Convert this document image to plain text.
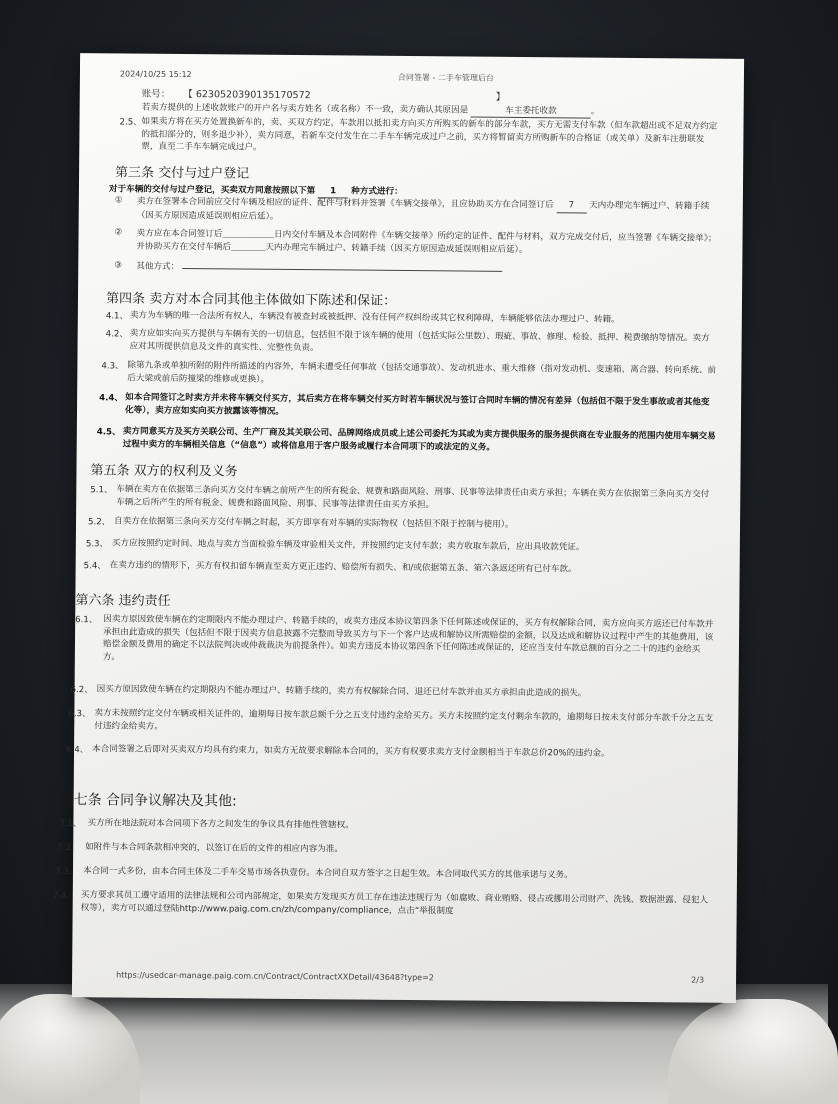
2024/10/25 15:12	合同签署 - 二手车管理后台
账号： 【 6230520390135170572	】
若卖方提供的上述收款账户的开户名与卖方姓名（或名称）不一致，卖方确认其原因是	车主委托收款	。
2.5、 如果卖方将在买方处置换新车的，卖、买双方约定，车款用以抵扣卖方向买方所购买的新车的部分车款，买方无需支付车款（但车款超出或不足双方约定的抵扣部分的，则多退少补），卖方同意，若新车交付发生在二手车车辆完成过户之前，买方将暂留卖方所购新车的合格证（或关单）及新车注册联发票，直至二手车车辆完成过户。
第三条 交付与过户登记
对于车辆的交付与过户登记，买卖双方同意按照以下第 1 种方式进行：
① 卖方在签署本合同前应交付车辆及相应的证件、配件与材料并签署《车辆交接单》，且应协助买方在合同签订后 7 天内办理完车辆过户、转籍手续（因买方原因造成延误则相应后延）。
② 卖方应在本合同签订后＿＿＿＿＿＿日内交付车辆及本合同附件《车辆交接单》所约定的证件、配件与材料，双方完成交付后，应当签署《车辆交接单》；并协助买方在交付车辆后＿＿＿＿天内办理完车辆过户、转籍手续（因买方原因造成延误则相应后延）。
③ 其他方式：
第四条 卖方对本合同其他主体做如下陈述和保证：
4.1、 卖方为车辆的唯一合法所有权人，车辆没有被查封或被抵押、没有任何产权纠纷或其它权利障碍，车辆能够依法办理过户、转籍。
4.2、 卖方应如实向买方提供与车辆有关的一切信息，包括但不限于该车辆的使用（包括实际公里数）、瑕疵、事故、修理、检验、抵押、税费缴纳等情况。卖方应对其所提供信息及文件的真实性、完整性负责。
4.3、 除第九条或单独所附的附件所描述的内容外，车辆未遭受任何事故（包括交通事故）、发动机进水、重大维修（指对发动机、变速箱、离合器、转向系统、前后大梁或前后防撞梁的维修或更换）。
4.4、 如本合同签订之时卖方并未将车辆交付买方，其后卖方在将车辆交付买方时若车辆状况与签订合同时车辆的情况有差异（包括但不限于发生事故或者其他变化等），卖方应如实向买方披露该等情况。
4.5、 卖方同意买方及买方关联公司、生产厂商及其关联公司、品牌网络成员或上述公司委托为其或为卖方提供服务的服务提供商在专业服务的范围内使用车辆交易过程中卖方的车辆相关信息（“信息”）或将信息用于客户服务或履行本合同项下的或法定的义务。
第五条 双方的权利及义务
5.1、 车辆在卖方在依据第三条向买方交付车辆之前所产生的所有税金、规费和路面风险、刑事、民事等法律责任由卖方承担；车辆在卖方在依据第三条向买方交付车辆之后所产生的所有税金、规费和路面风险、刑事、民事等法律责任由买方承担。
5.2、 自卖方在依据第三条向买方交付车辆之时起，买方即享有对车辆的实际物权（包括但不限于控制与使用）。
5.3、 买方应按照约定时间、地点与卖方当面检验车辆及审验相关文件，并按照约定支付车款；卖方收取车款后，应出具收款凭证。
5.4、 在卖方违约的情形下，买方有权扣留车辆直至卖方更正违约、赔偿所有损失、和/或依据第五条、第六条返还所有已付车款。
第六条 违约责任
6.1、 因卖方原因致使车辆在约定期限内不能办理过户、转籍手续的，或卖方违反本协议第四条下任何陈述或保证的，买方有权解除合同，卖方应向买方返还已付车款并承担由此造成的损失（包括但不限于因卖方信息披露不完整而导致买方与下一个客户达成和解协议所需赔偿的金额，以及达成和解协议过程中产生的其他费用，该赔偿金额及费用的确定不以法院判决或仲裁裁决为前提条件）。如卖方违反本协议第四条下任何陈述或保证的，还应当支付车款总额的百分之二十的违约金给买方。
6.2、 因买方原因致使车辆在约定期限内不能办理过户、转籍手续的，卖方有权解除合同、退还已付车款并由买方承担由此造成的损失。
6.3、 卖方未按照约定交付车辆或相关证件的，逾期每日按车款总额千分之五支付违约金给买方。买方未按照约定支付剩余车款的，逾期每日按未支付部分车款千分之五支付违约金给卖方。
6.4、 本合同签署之后即对买卖双方均具有约束力，如卖方无故要求解除本合同的，买方有权要求卖方支付金额相当于车款总价20%的违约金。
第七条 合同争议解决及其他:
7.1、 买方所在地法院对本合同项下各方之间发生的争议具有排他性管辖权。
7.2、 如附件与本合同条款相冲突的，以签订在后的文件的相应内容为准。
7.3、 本合同一式多份，由本合同主体及二手车交易市场各执壹份。本合同自双方签字之日起生效。本合同取代买方的其他承诺与义务。
7.4、 买方要求其员工遵守适用的法律法规和公司内部规定，如果卖方发现买方员工存在违法违规行为（如腐败、商业贿赂、侵占或挪用公司财产、洗钱、数据泄露、侵犯人权等），卖方可以通过登陆http://www.paig.com.cn/zh/company/compliance，点击“举报制度
https://usedcar-manage.paig.com.cn/Contract/ContractXXDetail/43648?type=2	2/3
